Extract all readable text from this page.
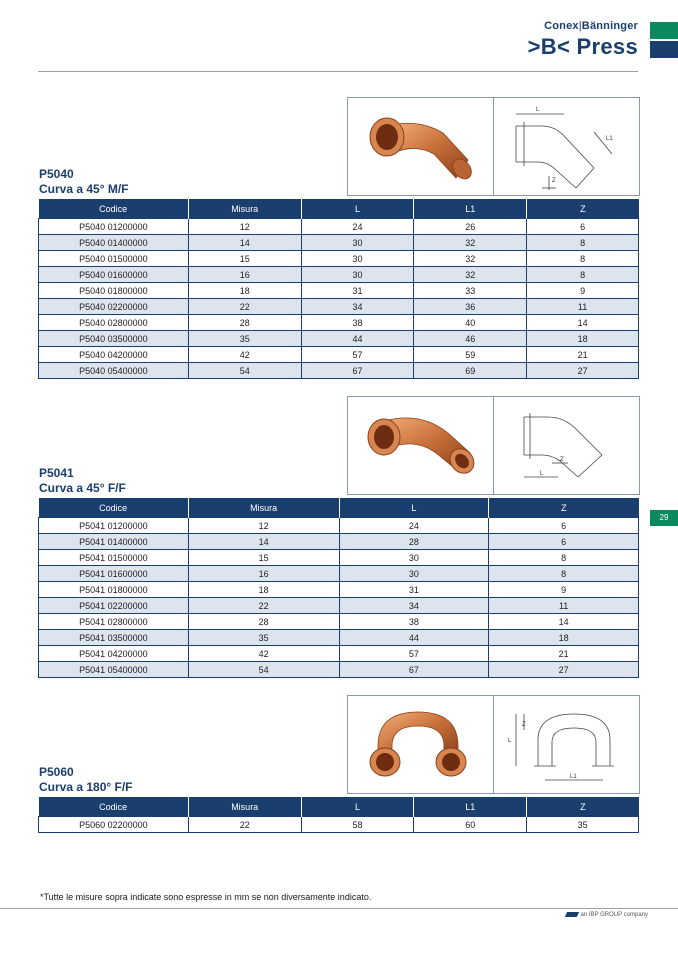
Conex|Bänninger
>B< Press
29
L
L1
Z
P5040
Curva a 45° M/F
Codice	Misura	L	L1	Z
P5040 01200000	12	24	26	6
P5040 01400000	14	30	32	8
P5040 01500000	15	30	32	8
P5040 01600000	16	30	32	8
P5040 01800000	18	31	33	9
P5040 02200000	22	34	36	11
P5040 02800000	28	38	40	14
P5040 03500000	35	44	46	18
P5040 04200000	42	57	59	21
P5040 05400000	54	67	69	27
L
Z
P5041
Curva a 45° F/F
Codice	Misura	L	Z
P5041 01200000	12	24	6
P5041 01400000	14	28	6
P5041 01500000	15	30	8
P5041 01600000	16	30	8
P5041 01800000	18	31	9
P5041 02200000	22	34	11
P5041 02800000	28	38	14
P5041 03500000	35	44	18
P5041 04200000	42	57	21
P5041 05400000	54	67	27
Z
L
L1
P5060
Curva a 180° F/F
Codice	Misura	L	L1	Z
P5060 02200000	22	58	60	35
*Tutte le misure sopra indicate sono espresse in mm se non diversamente indicato.
an IBP GROUP company
